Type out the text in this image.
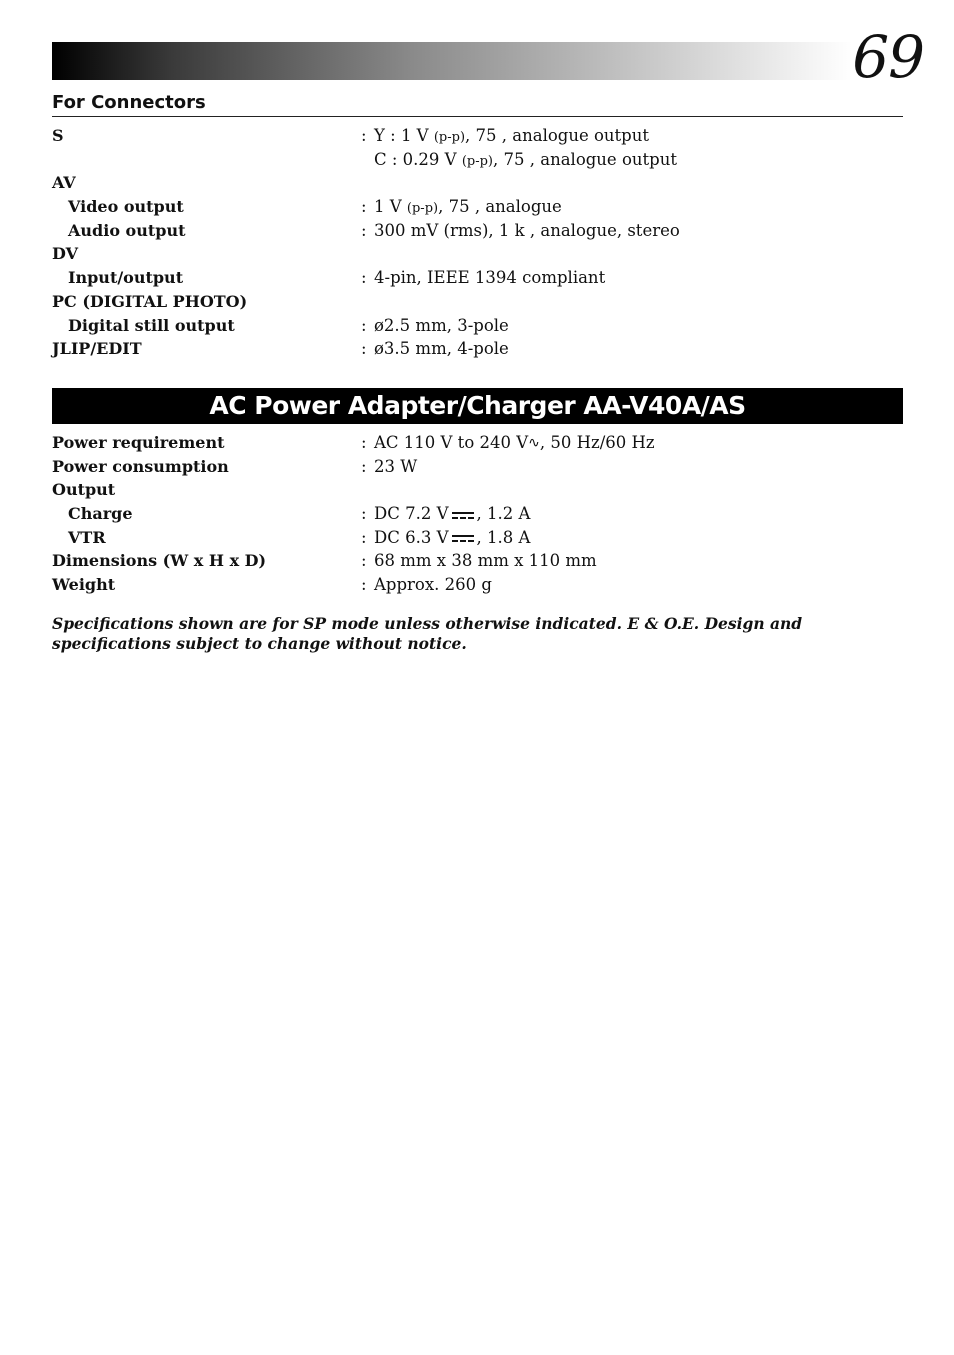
69
For Connectors
S	: Y : 1 V (p-p), 75 , analogue output
C : 0.29 V (p-p), 75 , analogue output
AV
Video output	: 1 V (p-p), 75 , analogue
Audio output	: 300 mV (rms), 1 k , analogue, stereo
DV
Input/output	: 4-pin, IEEE 1394 compliant
PC (DIGITAL PHOTO)
Digital still output	: ø2.5 mm, 3-pole
JLIP/EDIT	: ø3.5 mm, 4-pole
AC Power Adapter/Charger AA-V40A/AS
Power requirement	: AC 110 V to 240 V∿, 50 Hz/60 Hz
Power consumption	: 23 W
Output
Charge	: DC 7.2 V , 1.2 A
VTR	: DC 6.3 V , 1.8 A
Dimensions (W x H x D)	: 68 mm x 38 mm x 110 mm
Weight	: Approx. 260 g
Specifications shown are for SP mode unless otherwise indicated. E & O.E. Design and specifications subject to change without notice.
